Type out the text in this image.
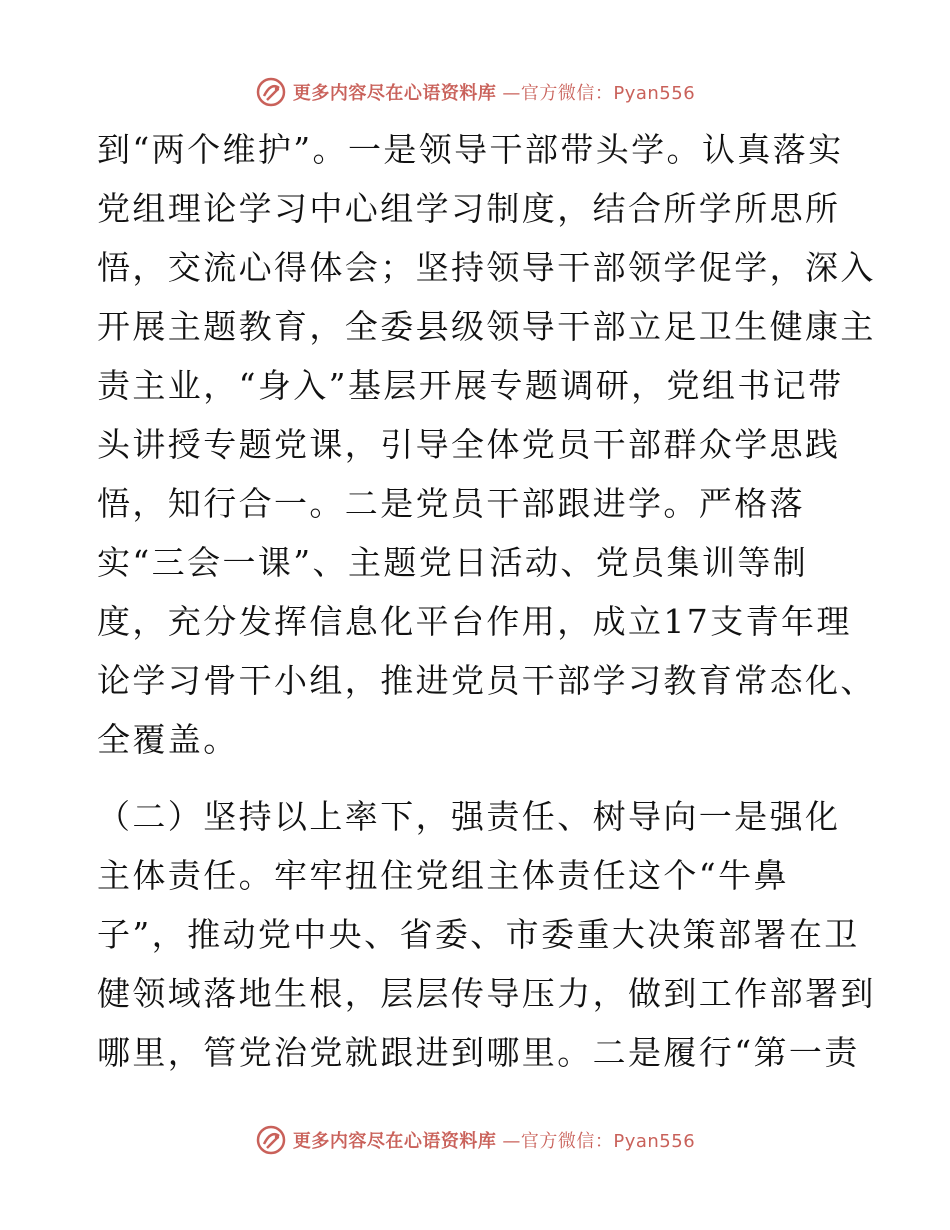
更多内容尽在心语资料库 —官方微信：Pyan556
到“两个维护”。一是领导干部带头学。认真落实
党组理论学习中心组学习制度，结合所学所思所
悟，交流心得体会；坚持领导干部领学促学，深入
开展主题教育，全委县级领导干部立足卫生健康主
责主业，“身入”基层开展专题调研，党组书记带
头讲授专题党课，引导全体党员干部群众学思践
悟，知行合一。二是党员干部跟进学。严格落
实“三会一课”、主题党日活动、党员集训等制
度，充分发挥信息化平台作用，成立17支青年理
论学习骨干小组，推进党员干部学习教育常态化、
全覆盖。
（二）坚持以上率下，强责任、树导向一是强化
主体责任。牢牢扭住党组主体责任这个“牛鼻
子”，推动党中央、省委、市委重大决策部署在卫
健领域落地生根，层层传导压力，做到工作部署到
哪里，管党治党就跟进到哪里。二是履行“第一责
更多内容尽在心语资料库 —官方微信：Pyan556
